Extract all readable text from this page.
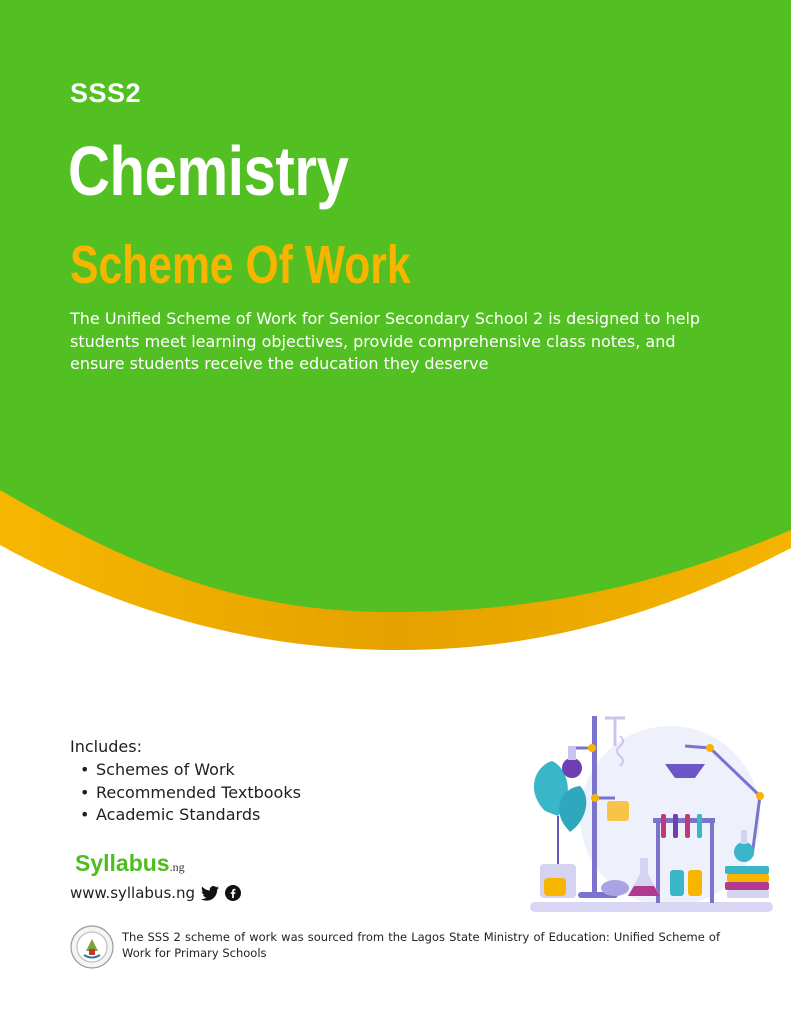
SSS2
Chemistry
Scheme Of Work

The Unified Scheme of Work for Senior Secondary School 2 is designed to help students meet learning objectives, provide comprehensive class notes, and ensure students receive the education they deserve

Includes:
• Schemes of Work
• Recommended Textbooks
• Academic Standards
Syllabus.ng
www.syllabus.ng

The SSS 2 scheme of work was sourced from the Lagos State Ministry of Education: Unified Scheme of Work for Primary Schools
